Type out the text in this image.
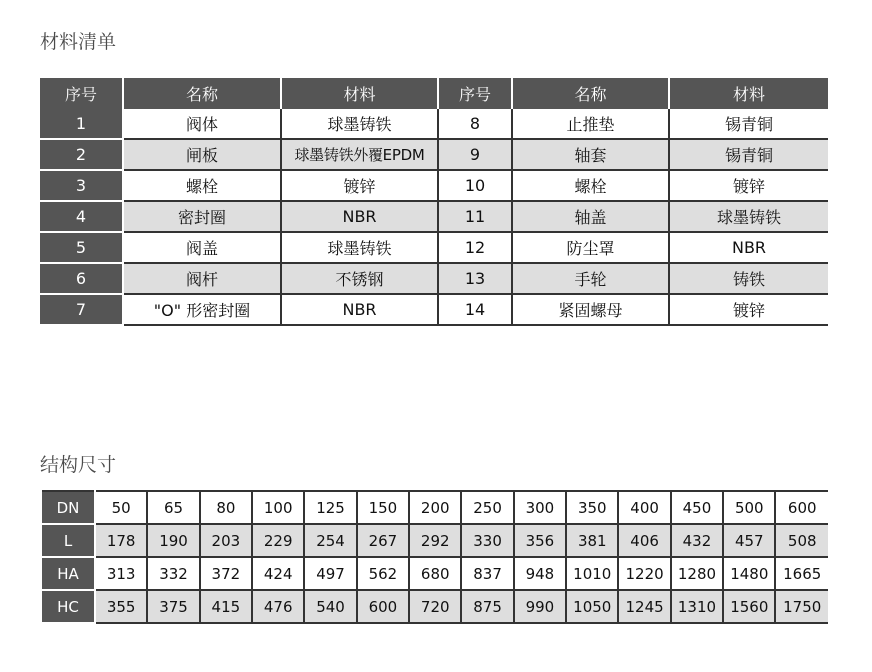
材料清单
序号	名称	材料	序号	名称	材料
1	阀体	球墨铸铁	8	止推垫	锡青铜
2	闸板	球墨铸铁外覆EPDM	9	轴套	锡青铜
3	螺栓	镀锌	10	螺栓	镀锌
4	密封圈	NBR	11	轴盖	球墨铸铁
5	阀盖	球墨铸铁	12	防尘罩	NBR
6	阀杆	不锈钢	13	手轮	铸铁
7	"O" 形密封圈	NBR	14	紧固螺母	镀锌
结构尺寸
DN	50	65	80	100	125	150	200	250	300	350	400	450	500	600
L	178	190	203	229	254	267	292	330	356	381	406	432	457	508
HA	313	332	372	424	497	562	680	837	948	1010	1220	1280	1480	1665
HC	355	375	415	476	540	600	720	875	990	1050	1245	1310	1560	1750
